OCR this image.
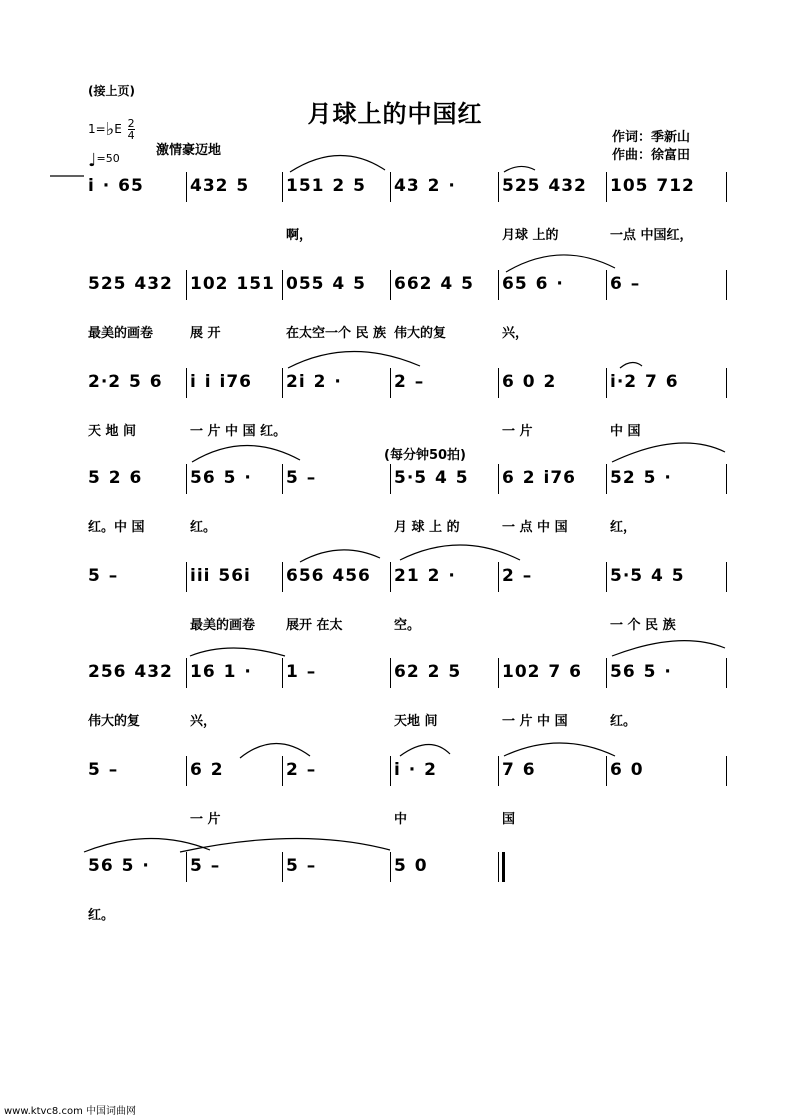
(接上页)
月球上的中国红
作词：季新山
作曲：徐富田
1=♭E $\frac{2}{4}$
激情豪迈地
♩=50
(每分钟50拍)
i · 65	432 5 151 2 5 43 2 ·	525 432 105 712
啊，	月球 上的	一点 中国红，
525 432 102 151 055 4 5 662 4 5 65 6 ·	6 –
最美的画卷	展 开	在太空一个 民 族 伟大的复	兴，
2·2 5 6 i i i76 2i 2 ·	2 –	6 0 2	i·2 7 6
天 地 间	一 片 中 国 红。	一 片	中 国
5 2 6	56 5 · 5 –	5·5 4 5 6 2 i76 52 5 ·
红。中 国	红。	月 球 上 的	一 点 中 国	红，
5 –	iii 56i 656 456 21 2 ·	2 –	5·5 4 5
最美的画卷 展开 在太	空。	一 个 民 族
256 432 16 1 · 1 –	62 2 5 102 7 6 56 5 ·
伟大的复	兴，	天地 间	一 片 中 国	红。
5 –	6 2	2 –	i · 2	7 6	6 0
一 片	中	国
56 5 · 5 –	5 –	5 0
红。
www.ktvc8.com 中国词曲网
